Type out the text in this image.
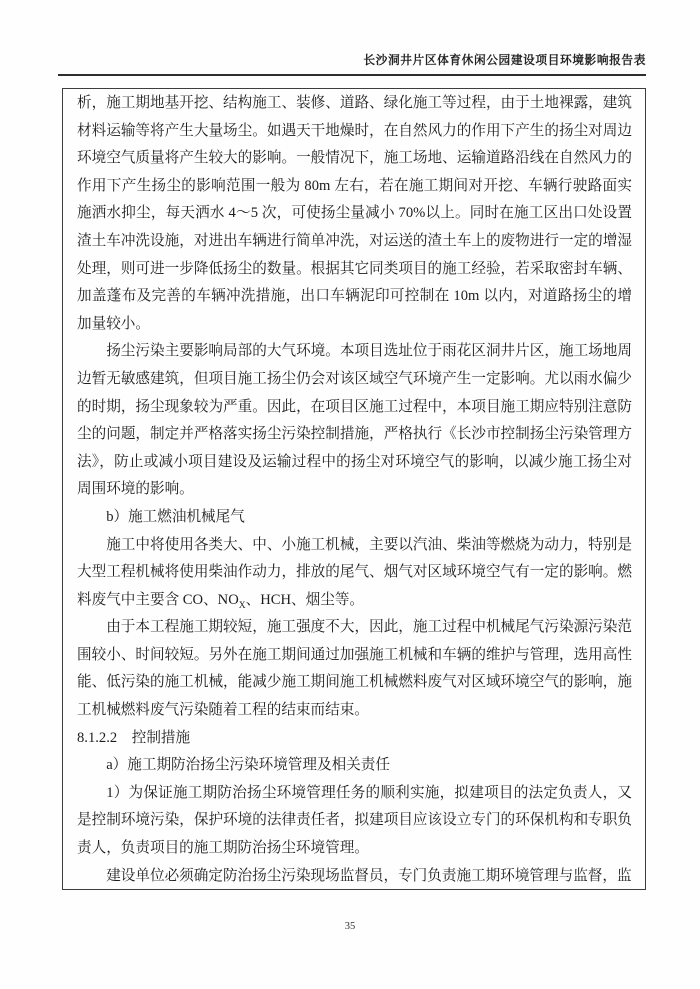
长沙洞井片区体育休闲公园建设项目环境影响报告表

析，施工期地基开挖、结构施工、装修、道路、绿化施工等过程，由于土地裸露，建筑材料运输等将产生大量场尘。如遇天干地燥时，在自然风力的作用下产生的扬尘对周边环境空气质量将产生较大的影响。一般情况下，施工场地、运输道路沿线在自然风力的作用下产生扬尘的影响范围一般为 80m 左右，若在施工期间对开挖、车辆行驶路面实施洒水抑尘，每天洒水 4～5 次，可使扬尘量减小 70%以上。同时在施工区出口处设置渣土车冲洗设施，对进出车辆进行简单冲洗，对运送的渣土车上的废物进行一定的增湿处理，则可进一步降低扬尘的数量。根据其它同类项目的施工经验，若采取密封车辆、加盖蓬布及完善的车辆冲洗措施，出口车辆泥印可控制在 10m 以内，对道路扬尘的增加量较小。

扬尘污染主要影响局部的大气环境。本项目选址位于雨花区洞井片区，施工场地周边暂无敏感建筑，但项目施工扬尘仍会对该区域空气环境产生一定影响。尤以雨水偏少的时期，扬尘现象较为严重。因此，在项目区施工过程中，本项目施工期应特别注意防尘的问题，制定并严格落实扬尘污染控制措施，严格执行《长沙市控制扬尘污染管理方法》，防止或减小项目建设及运输过程中的扬尘对环境空气的影响，以减少施工扬尘对周围环境的影响。

b）施工燃油机械尾气

施工中将使用各类大、中、小施工机械，主要以汽油、柴油等燃烧为动力，特别是大型工程机械将使用柴油作动力，排放的尾气、烟气对区域环境空气有一定的影响。燃料废气中主要含 CO、$NO_X$、HCH、烟尘等。

由于本工程施工期较短，施工强度不大，因此，施工过程中机械尾气污染源污染范围较小、时间较短。另外在施工期间通过加强施工机械和车辆的维护与管理，选用高性能、低污染的施工机械，能减少施工期间施工机械燃料废气对区域环境空气的影响，施工机械燃料废气污染随着工程的结束而结束。

8.1.2.2　控制措施

a）施工期防治扬尘污染环境管理及相关责任

1）为保证施工期防治扬尘环境管理任务的顺利实施，拟建项目的法定负责人，又是控制环境污染，保护环境的法律责任者，拟建项目应该设立专门的环保机构和专职负责人，负责项目的施工期防治扬尘环境管理。

建设单位必须确定防治扬尘污染现场监督员，专门负责施工期环境管理与监督，监

35
